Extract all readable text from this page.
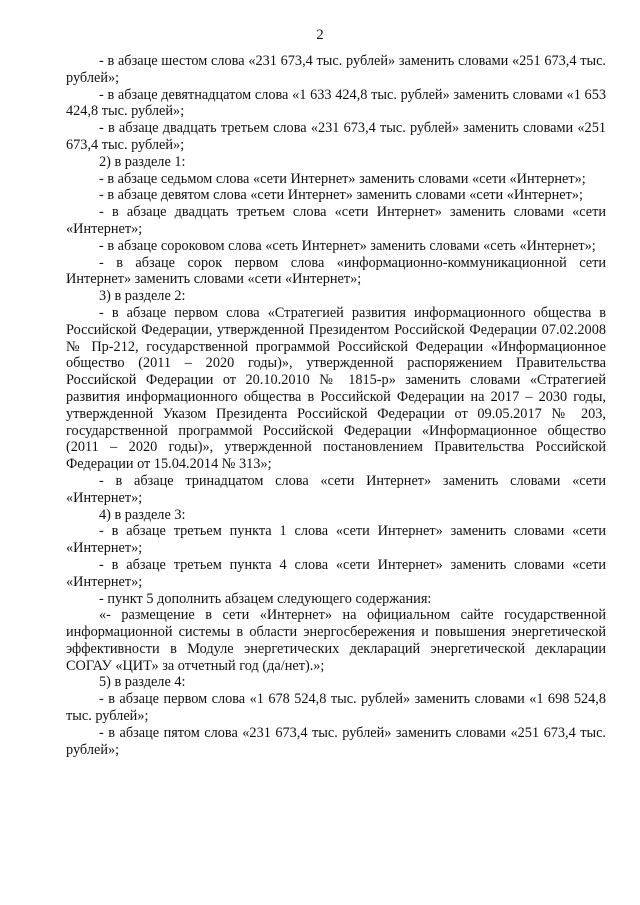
2

- в абзаце шестом слова «231 673,4 тыс. рублей» заменить словами «251 673,4 тыс. рублей»;

- в абзаце девятнадцатом слова «1 633 424,8 тыс. рублей» заменить словами «1 653 424,8 тыс. рублей»;

- в абзаце двадцать третьем слова «231 673,4 тыс. рублей» заменить словами «251 673,4 тыс. рублей»;

2) в разделе 1:

- в абзаце седьмом слова «сети Интернет» заменить словами «сети «Интернет»;

- в абзаце девятом слова «сети Интернет» заменить словами «сети «Интернет»;

- в абзаце двадцать третьем слова «сети Интернет» заменить словами «сети «Интернет»;

- в абзаце сороковом слова «сеть Интернет» заменить словами «сеть «Интернет»;

- в абзаце сорок первом слова «информационно-коммуникационной сети Интернет» заменить словами «сети «Интернет»;

3) в разделе 2:

- в абзаце первом слова «Стратегией развития информационного общества в Российской Федерации, утвержденной Президентом Российской Федерации 07.02.2008 № Пр-212, государственной программой Российской Федерации «Информационное общество (2011 – 2020 годы)», утвержденной распоряжением Правительства Российской Федерации от 20.10.2010 № 1815-р» заменить словами «Стратегией развития информационного общества в Российской Федерации на 2017 – 2030 годы, утвержденной Указом Президента Российской Федерации от 09.05.2017 № 203, государственной программой Российской Федерации «Информационное общество (2011 – 2020 годы)», утвержденной постановлением Правительства Российской Федерации от 15.04.2014 № 313»;

- в абзаце тринадцатом слова «сети Интернет» заменить словами «сети «Интернет»;

4) в разделе 3:

- в абзаце третьем пункта 1 слова «сети Интернет» заменить словами «сети «Интернет»;

- в абзаце третьем пункта 4 слова «сети Интернет» заменить словами «сети «Интернет»;

- пункт 5 дополнить абзацем следующего содержания:

«- размещение в сети «Интернет» на официальном сайте государственной информационной системы в области энергосбережения и повышения энергетической эффективности в Модуле энергетических деклараций энергетической декларации СОГАУ «ЦИТ» за отчетный год (да/нет).»;

5) в разделе 4:

- в абзаце первом слова «1 678 524,8 тыс. рублей» заменить словами «1 698 524,8 тыс. рублей»;

- в абзаце пятом слова «231 673,4 тыс. рублей» заменить словами «251 673,4 тыс. рублей»;
